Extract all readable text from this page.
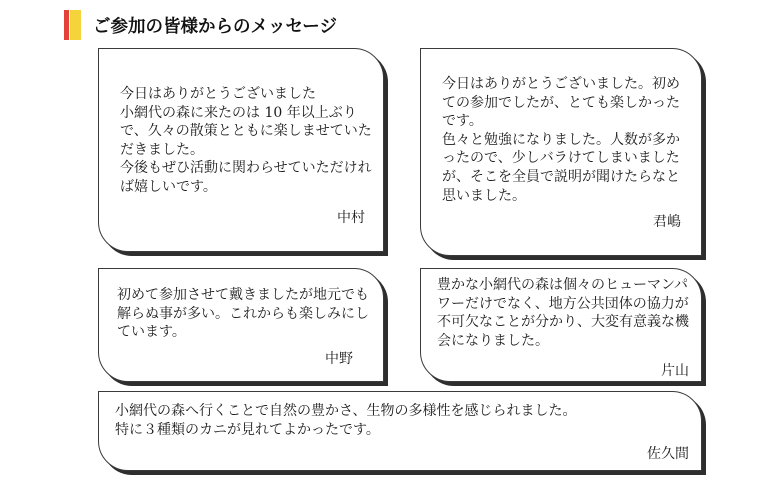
ご参加の皆様からのメッセージ

今日はありがとうございました
小網代の森に来たのは 10 年以上ぶりで、久々の散策とともに楽しませていただきました。
今後もぜひ活動に関わらせていただければ嬉しいです。

中村

今日はありがとうございました。初めての参加でしたが、とても楽しかったです。
色々と勉強になりました。人数が多かったので、少しバラけてしまいましたが、そこを全員で説明が聞けたらなと思いました。

君嶋

初めて参加させて戴きましたが地元でも解らぬ事が多い。これからも楽しみにしています。

中野

豊かな小網代の森は個々のヒューマンパワーだけでなく、地方公共団体の協力が不可欠なことが分かり、大変有意義な機会になりました。

片山

小網代の森へ行くことで自然の豊かさ、生物の多様性を感じられました。
特に３種類のカニが見れてよかったです。

佐久間
